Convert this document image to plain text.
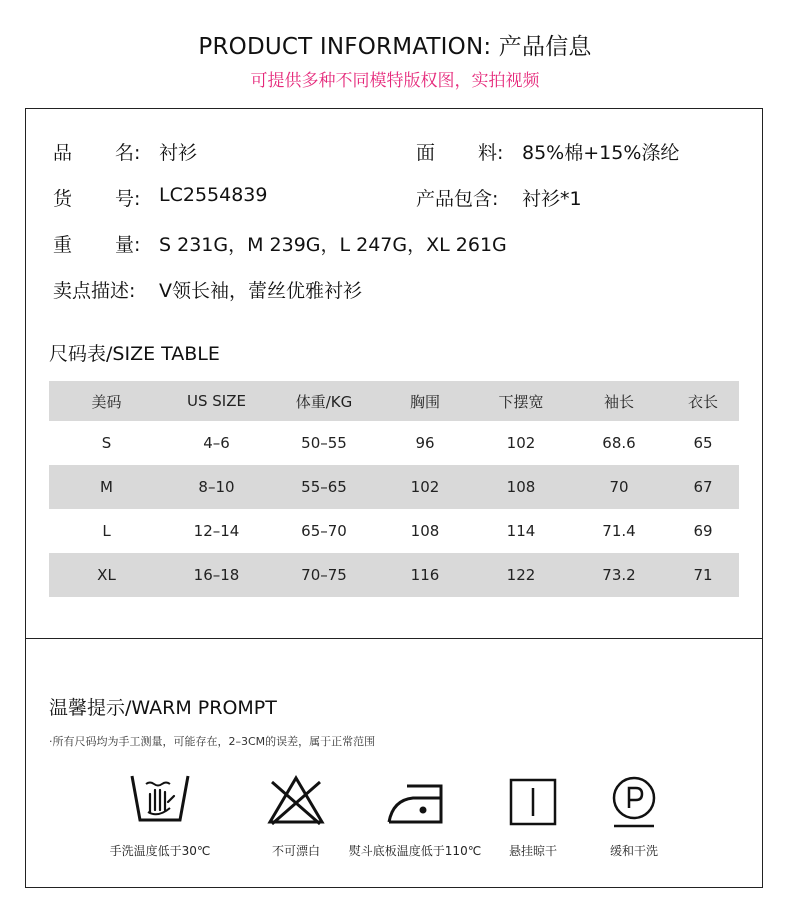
PRODUCT INFORMATION: 产品信息
可提供多种不同模特版权图，实拍视频
品 名: 衬衫	面 料: 85%棉+15%涤纶
货 号: LC2554839	产品包含: 衬衫*1
重 量: S 231G，M 239G，L 247G，XL 261G
卖点描述: V领长袖，蕾丝优雅衬衫
尺码表/SIZE TABLE
美码	US SIZE	体重/KG	胸围	下摆宽	袖长	衣长
S	4–6	50–55	96	102	68.6	65
M	8–10	55–65	102	108	70	67
L	12–14	65–70	108	114	71.4	69
XL	16–18	70–75	116	122	73.2	71
温馨提示/WARM PROMPT
·所有尺码均为手工测量，可能存在，2–3CM的误差，属于正常范围
手洗温度低于30℃	不可漂白	熨斗底板温度低于110℃	悬挂晾干	缓和干洗
